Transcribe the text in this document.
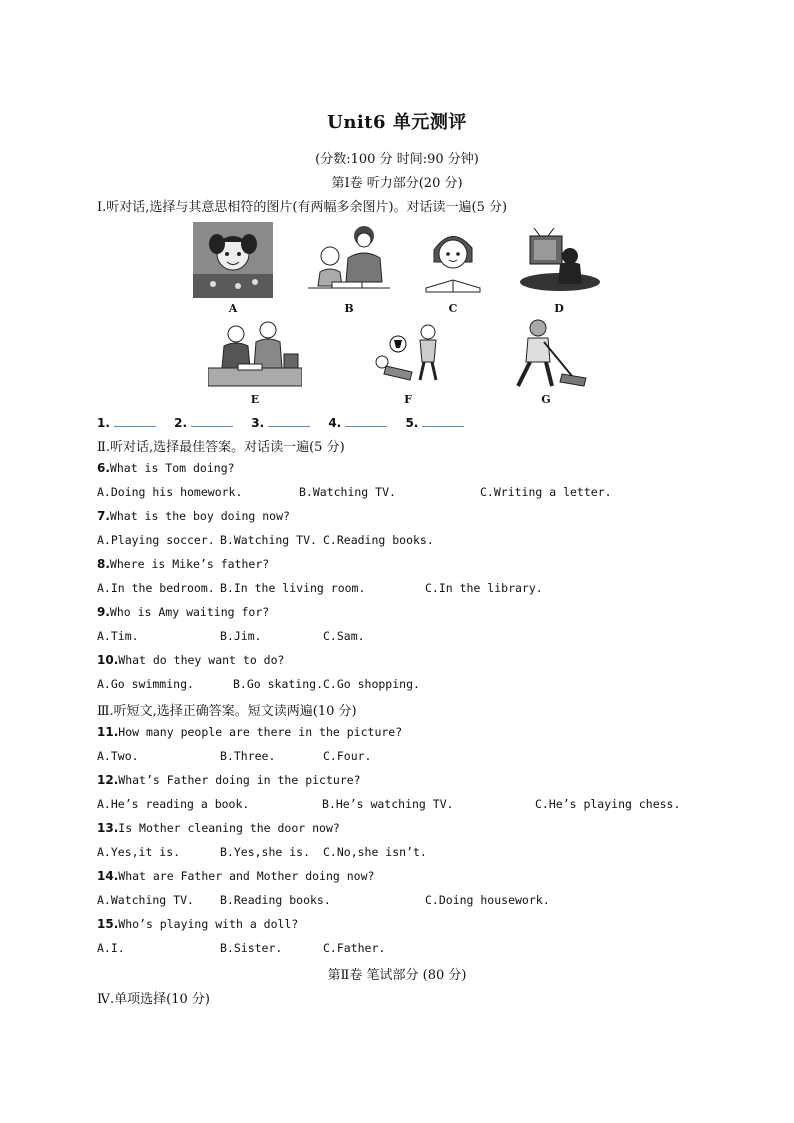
Unit6 单元测评
(分数:100 分 时间:90 分钟)
第Ⅰ卷 听力部分(20 分)
Ⅰ.听对话,选择与其意思相符的图片(有两幅多余图片)。对话读一遍(5 分)
A	B	C	D
E	F	G
1.	2.	3.	4.	5.
Ⅱ.听对话,选择最佳答案。对话读一遍(5 分)
6.What is Tom doing?
A.Doing his homework.	B.Watching TV.	C.Writing a letter.
7.What is the boy doing now?
A.Playing soccer. B.Watching TV. C.Reading books.
8.Where is Mike’s father?
A.In the bedroom. B.In the living room.	C.In the library.
9.Who is Amy waiting for?
A.Tim.	B.Jim.	C.Sam.
10.What do they want to do?
A.Go swimming.	B.Go skating. C.Go shopping.
Ⅲ.听短文,选择正确答案。短文读两遍(10 分)
11.How many people are there in the picture?
A.Two.	B.Three.	C.Four.
12.What’s Father doing in the picture?
A.He’s reading a book.	B.He’s watching TV.	C.He’s playing chess.
13.Is Mother cleaning the door now?
A.Yes,it is.	B.Yes,she is. C.No,she isn’t.
14.What are Father and Mother doing now?
A.Watching TV. B.Reading books.	C.Doing housework.
15.Who’s playing with a doll?
A.I.	B.Sister.	C.Father.
第Ⅱ卷 笔试部分 (80 分)
Ⅳ.单项选择(10 分)
